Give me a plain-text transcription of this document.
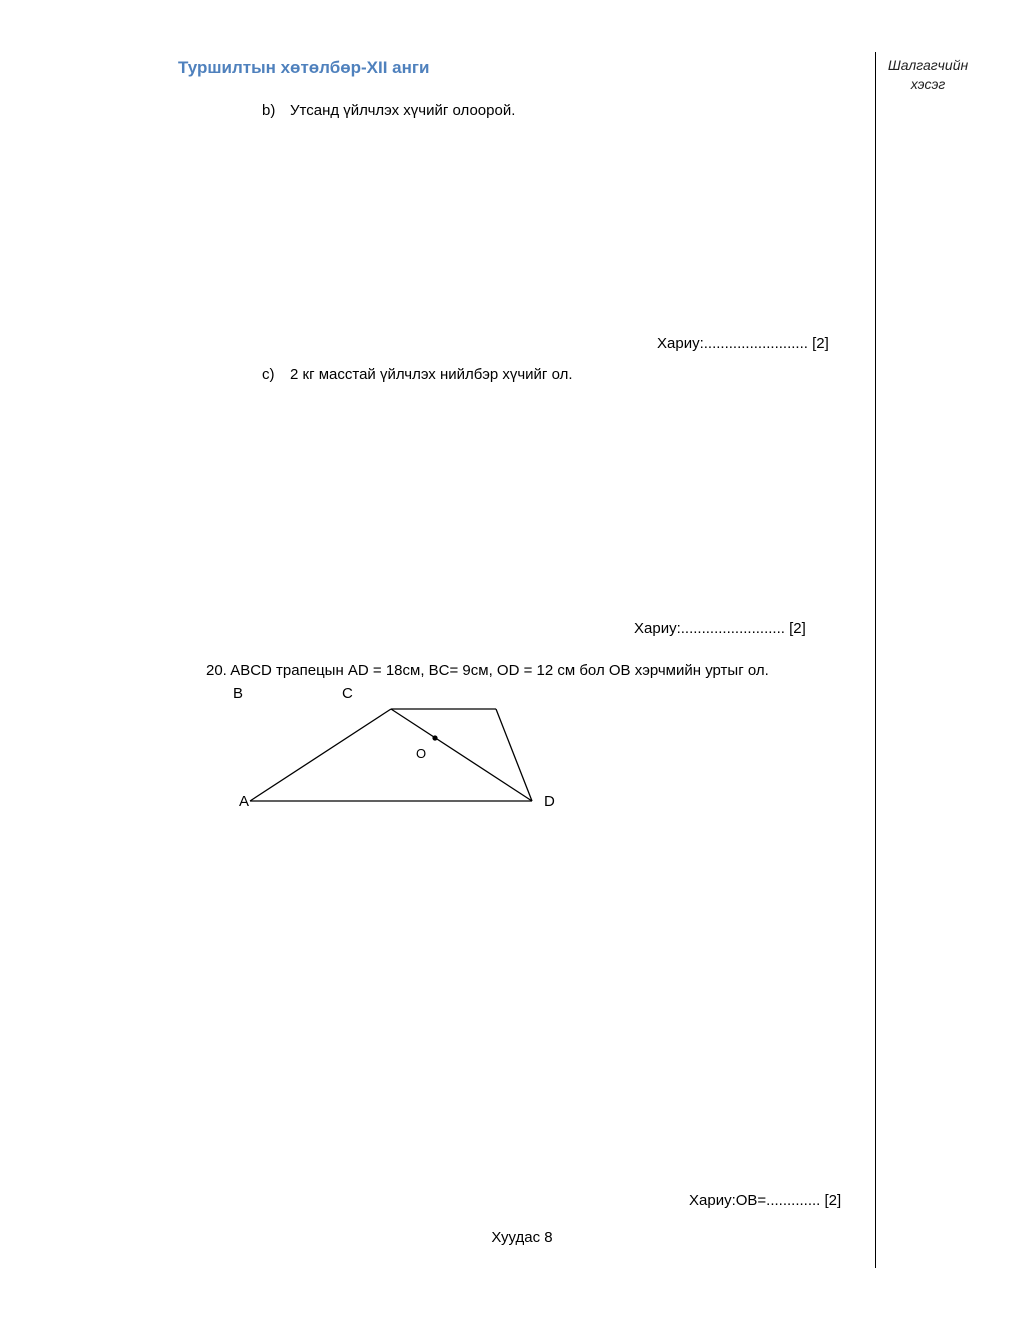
Туршилтын хөтөлбөр-XII анги	Шалгагчийн
хэсэг
b) Утсанд үйлчлэх хүчийг олоорой.
Хариу:......................... [2]
c) 2 кг масстай үйлчлэх нийлбэр хүчийг ол.
Хариу:......................... [2]
20. ABCD трапецын AD = 18см, BC= 9см, OD = 12 см бол OB хэрчмийн уртыг ол.
B	C
O
A	D
Хариу:OB=............. [2]
Хуудас 8
